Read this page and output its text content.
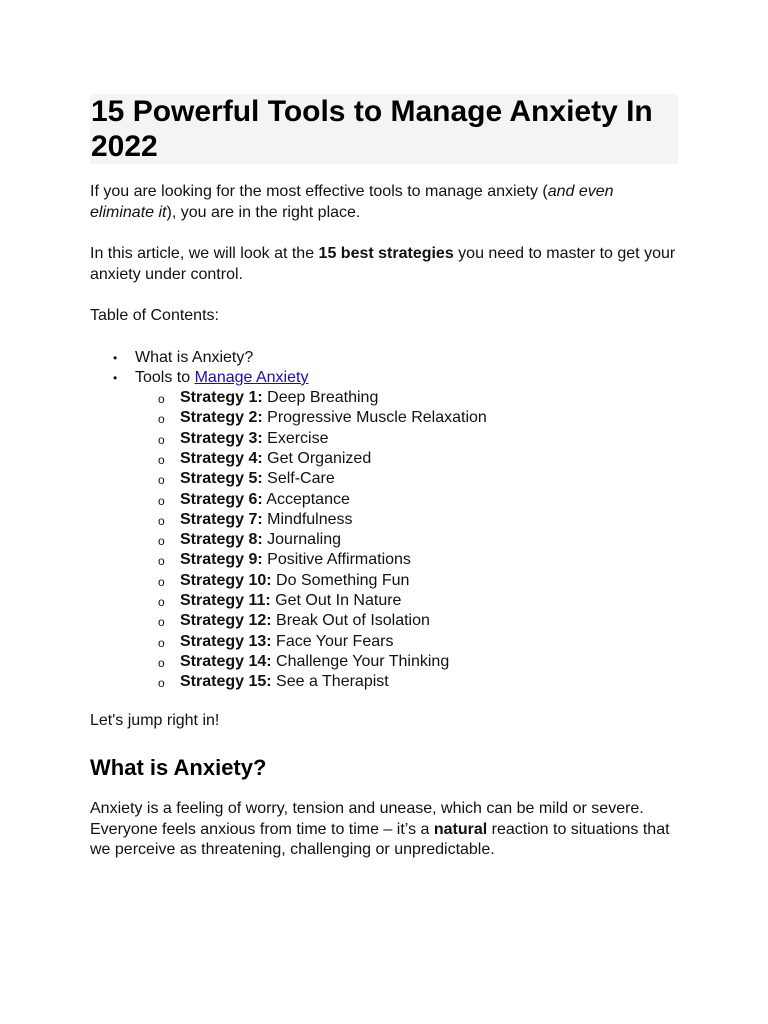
15 Powerful Tools to Manage Anxiety In 2022

If you are looking for the most effective tools to manage anxiety (and even eliminate it), you are in the right place.

In this article, we will look at the 15 best strategies you need to master to get your anxiety under control.

Table of Contents:

• What is Anxiety?
• Tools to Manage Anxiety
o Strategy 1: Deep Breathing
o Strategy 2: Progressive Muscle Relaxation
o Strategy 3: Exercise
o Strategy 4: Get Organized
o Strategy 5: Self-Care
o Strategy 6: Acceptance
o Strategy 7: Mindfulness
o Strategy 8: Journaling
o Strategy 9: Positive Affirmations
o Strategy 10: Do Something Fun
o Strategy 11: Get Out In Nature
o Strategy 12: Break Out of Isolation
o Strategy 13: Face Your Fears
o Strategy 14: Challenge Your Thinking
o Strategy 15: See a Therapist

Let's jump right in!

What is Anxiety?

Anxiety is a feeling of worry, tension and unease, which can be mild or severe. Everyone feels anxious from time to time – it’s a natural reaction to situations that we perceive as threatening, challenging or unpredictable.
